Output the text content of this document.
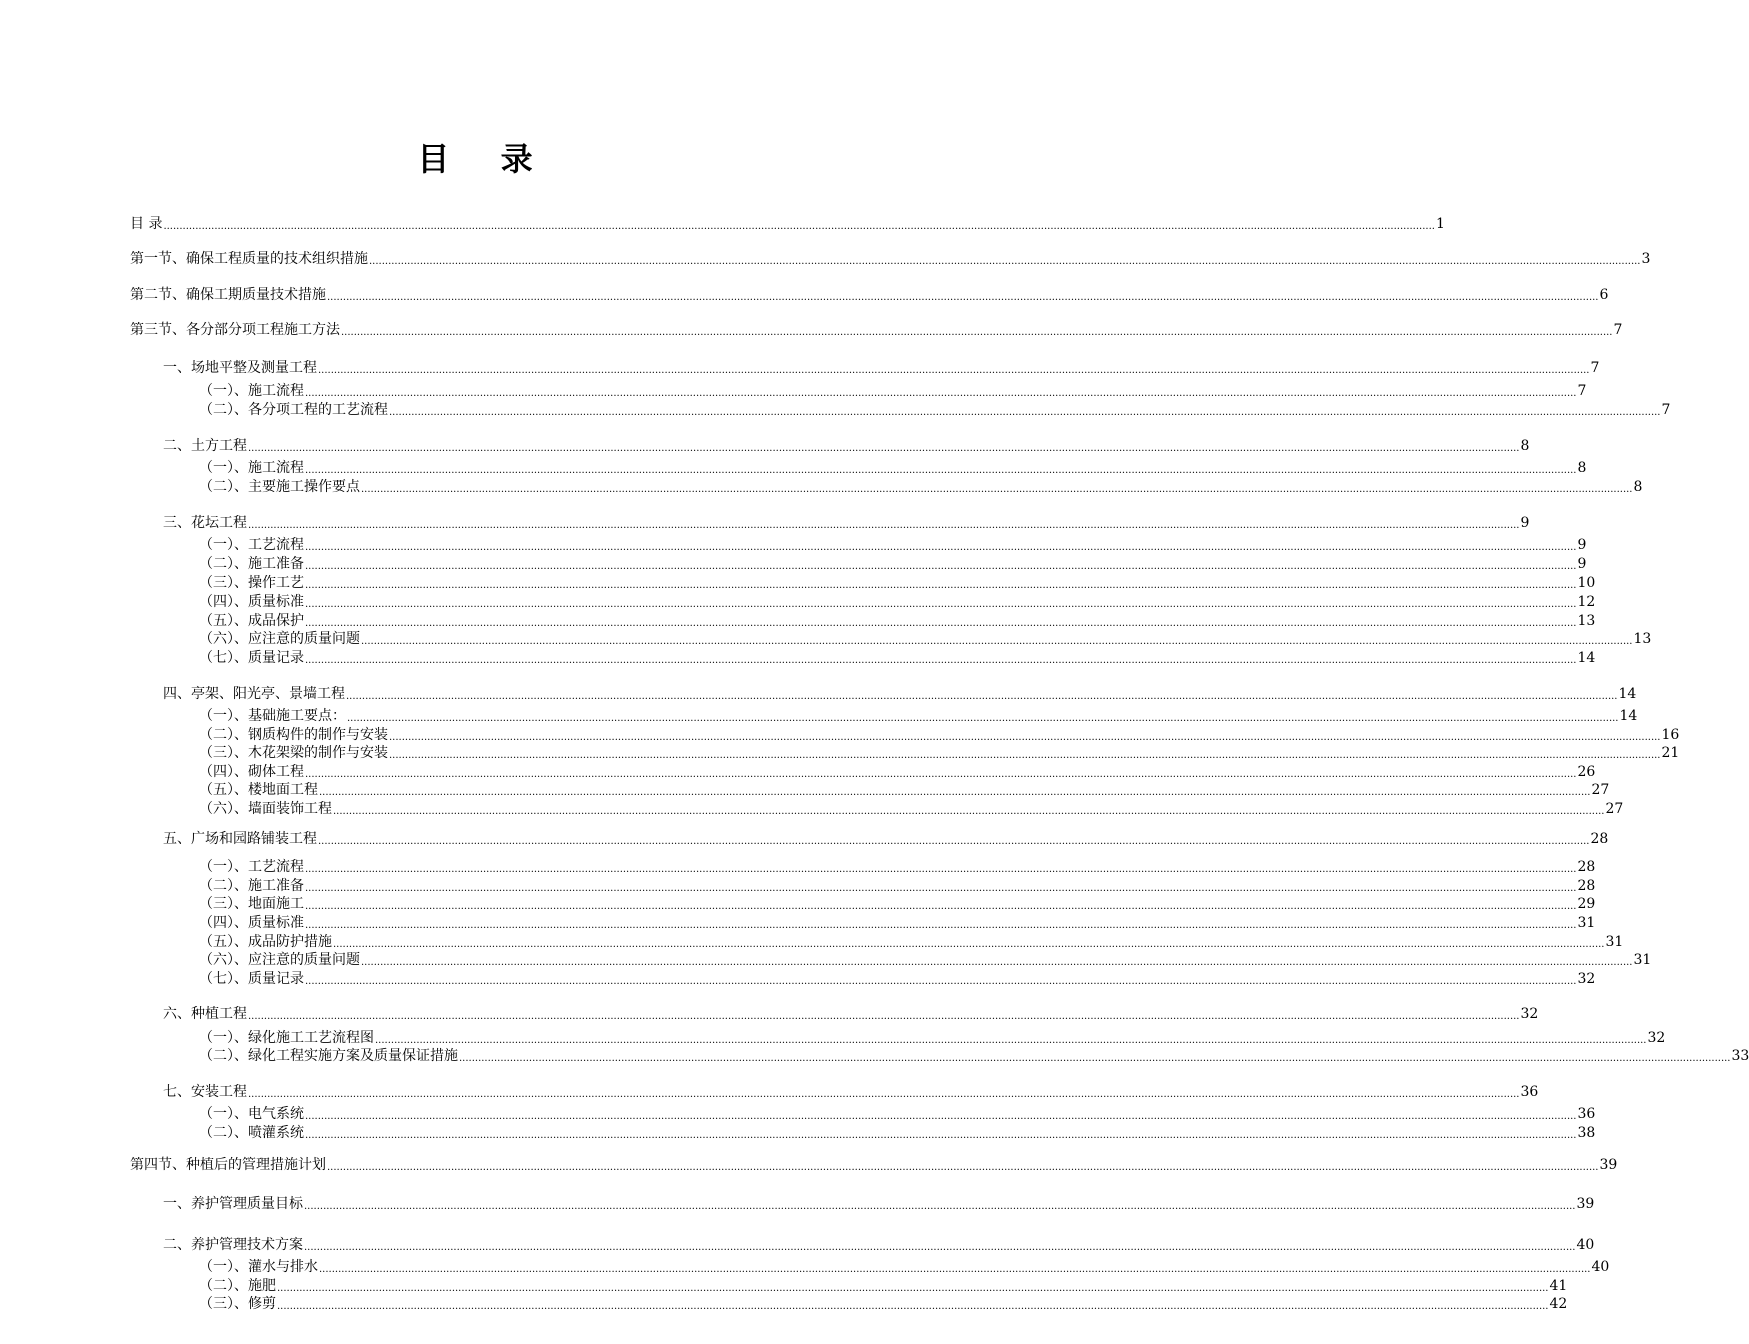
目 录
目 录 ................................................................................................................................................................................................................................................................................................................................................................................................................ 1
第一节、确保工程质量的技术组织措施 ................................................................................................................................................................................................................................................................................................................................................................................................................ 3
第二节、确保工期质量技术措施 ................................................................................................................................................................................................................................................................................................................................................................................................................ 6
第三节、各分部分项工程施工方法 ................................................................................................................................................................................................................................................................................................................................................................................................................ 7
一、场地平整及测量工程 ................................................................................................................................................................................................................................................................................................................................................................................................................ 7
（一）、施工流程 ................................................................................................................................................................................................................................................................................................................................................................................................................ 7
（二）、各分项工程的工艺流程 ................................................................................................................................................................................................................................................................................................................................................................................................................ 7
二、土方工程 ................................................................................................................................................................................................................................................................................................................................................................................................................ 8
（一）、施工流程 ................................................................................................................................................................................................................................................................................................................................................................................................................ 8
（二）、主要施工操作要点 ................................................................................................................................................................................................................................................................................................................................................................................................................ 8
三、花坛工程 ................................................................................................................................................................................................................................................................................................................................................................................................................ 9
（一）、工艺流程 ................................................................................................................................................................................................................................................................................................................................................................................................................ 9
（二）、施工准备 ................................................................................................................................................................................................................................................................................................................................................................................................................ 9
（三）、操作工艺 ................................................................................................................................................................................................................................................................................................................................................................................................................ 10
（四）、质量标准 ................................................................................................................................................................................................................................................................................................................................................................................................................ 12
（五）、成品保护 ................................................................................................................................................................................................................................................................................................................................................................................................................ 13
（六）、应注意的质量问题 ................................................................................................................................................................................................................................................................................................................................................................................................................ 13
（七）、质量记录 ................................................................................................................................................................................................................................................................................................................................................................................................................ 14
四、亭架、阳光亭、景墙工程 ................................................................................................................................................................................................................................................................................................................................................................................................................ 14
（一）、基础施工要点： ................................................................................................................................................................................................................................................................................................................................................................................................................ 14
（二）、钢质构件的制作与安装 ................................................................................................................................................................................................................................................................................................................................................................................................................ 16
（三）、木花架梁的制作与安装 ................................................................................................................................................................................................................................................................................................................................................................................................................ 21
（四）、砌体工程 ................................................................................................................................................................................................................................................................................................................................................................................................................ 26
（五）、楼地面工程 ................................................................................................................................................................................................................................................................................................................................................................................................................ 27
（六）、墙面装饰工程 ................................................................................................................................................................................................................................................................................................................................................................................................................ 27
五、广场和园路铺装工程 ................................................................................................................................................................................................................................................................................................................................................................................................................ 28
（一）、工艺流程 ................................................................................................................................................................................................................................................................................................................................................................................................................ 28
（二）、施工准备 ................................................................................................................................................................................................................................................................................................................................................................................................................ 28
（三）、地面施工 ................................................................................................................................................................................................................................................................................................................................................................................................................ 29
（四）、质量标准 ................................................................................................................................................................................................................................................................................................................................................................................................................ 31
（五）、成品防护措施 ................................................................................................................................................................................................................................................................................................................................................................................................................ 31
（六）、应注意的质量问题 ................................................................................................................................................................................................................................................................................................................................................................................................................ 31
（七）、质量记录 ................................................................................................................................................................................................................................................................................................................................................................................................................ 32
六、种植工程 ................................................................................................................................................................................................................................................................................................................................................................................................................ 32
（一）、绿化施工工艺流程图 ................................................................................................................................................................................................................................................................................................................................................................................................................ 32
（二）、绿化工程实施方案及质量保证措施 ................................................................................................................................................................................................................................................................................................................................................................................................................ 33
七、安装工程 ................................................................................................................................................................................................................................................................................................................................................................................................................ 36
（一）、电气系统 ................................................................................................................................................................................................................................................................................................................................................................................................................ 36
（二）、喷灌系统 ................................................................................................................................................................................................................................................................................................................................................................................................................ 38
第四节、种植后的管理措施计划 ................................................................................................................................................................................................................................................................................................................................................................................................................ 39
一、养护管理质量目标 ................................................................................................................................................................................................................................................................................................................................................................................................................ 39
二、养护管理技术方案 ................................................................................................................................................................................................................................................................................................................................................................................................................ 40
（一）、灌水与排水 ................................................................................................................................................................................................................................................................................................................................................................................................................ 40
（二）、施肥 ................................................................................................................................................................................................................................................................................................................................................................................................................ 41
（三）、修剪 ................................................................................................................................................................................................................................................................................................................................................................................................................ 42
